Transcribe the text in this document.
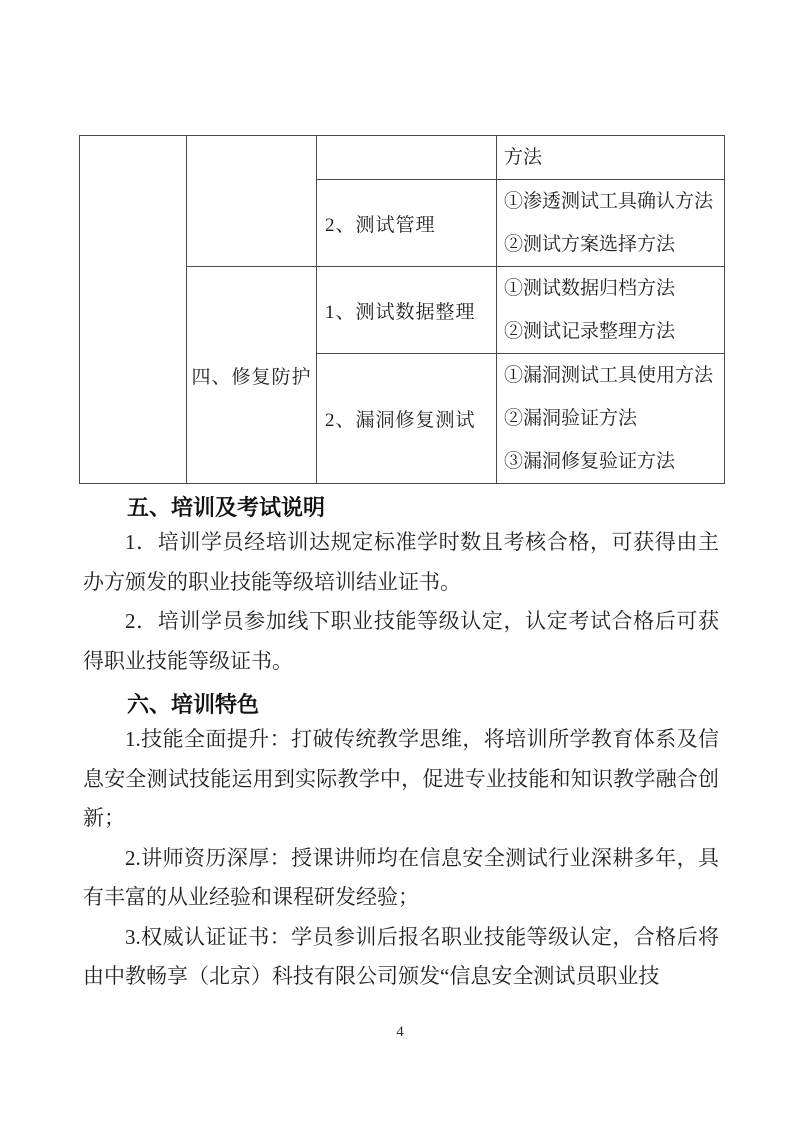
			方法

		2、测试管理	①渗透测试工具确认方法
②测试方案选择方法

	四、修复防护	1、测试数据整理	①测试数据归档方法
②测试记录整理方法

		2、漏洞修复测试	①漏洞测试工具使用方法
②漏洞验证方法
③漏洞修复验证方法
五、培训及考试说明

1．培训学员经培训达规定标准学时数且考核合格，可获得由主办方颁发的职业技能等级培训结业证书。

2．培训学员参加线下职业技能等级认定，认定考试合格后可获得职业技能等级证书。

六、培训特色

1.技能全面提升：打破传统教学思维，将培训所学教育体系及信息安全测试技能运用到实际教学中，促进专业技能和知识教学融合创新；

2.讲师资历深厚：授课讲师均在信息安全测试行业深耕多年，具有丰富的从业经验和课程研发经验；

3.权威认证证书：学员参训后报名职业技能等级认定，合格后将由中教畅享（北京）科技有限公司颁发“信息安全测试员职业技

4
